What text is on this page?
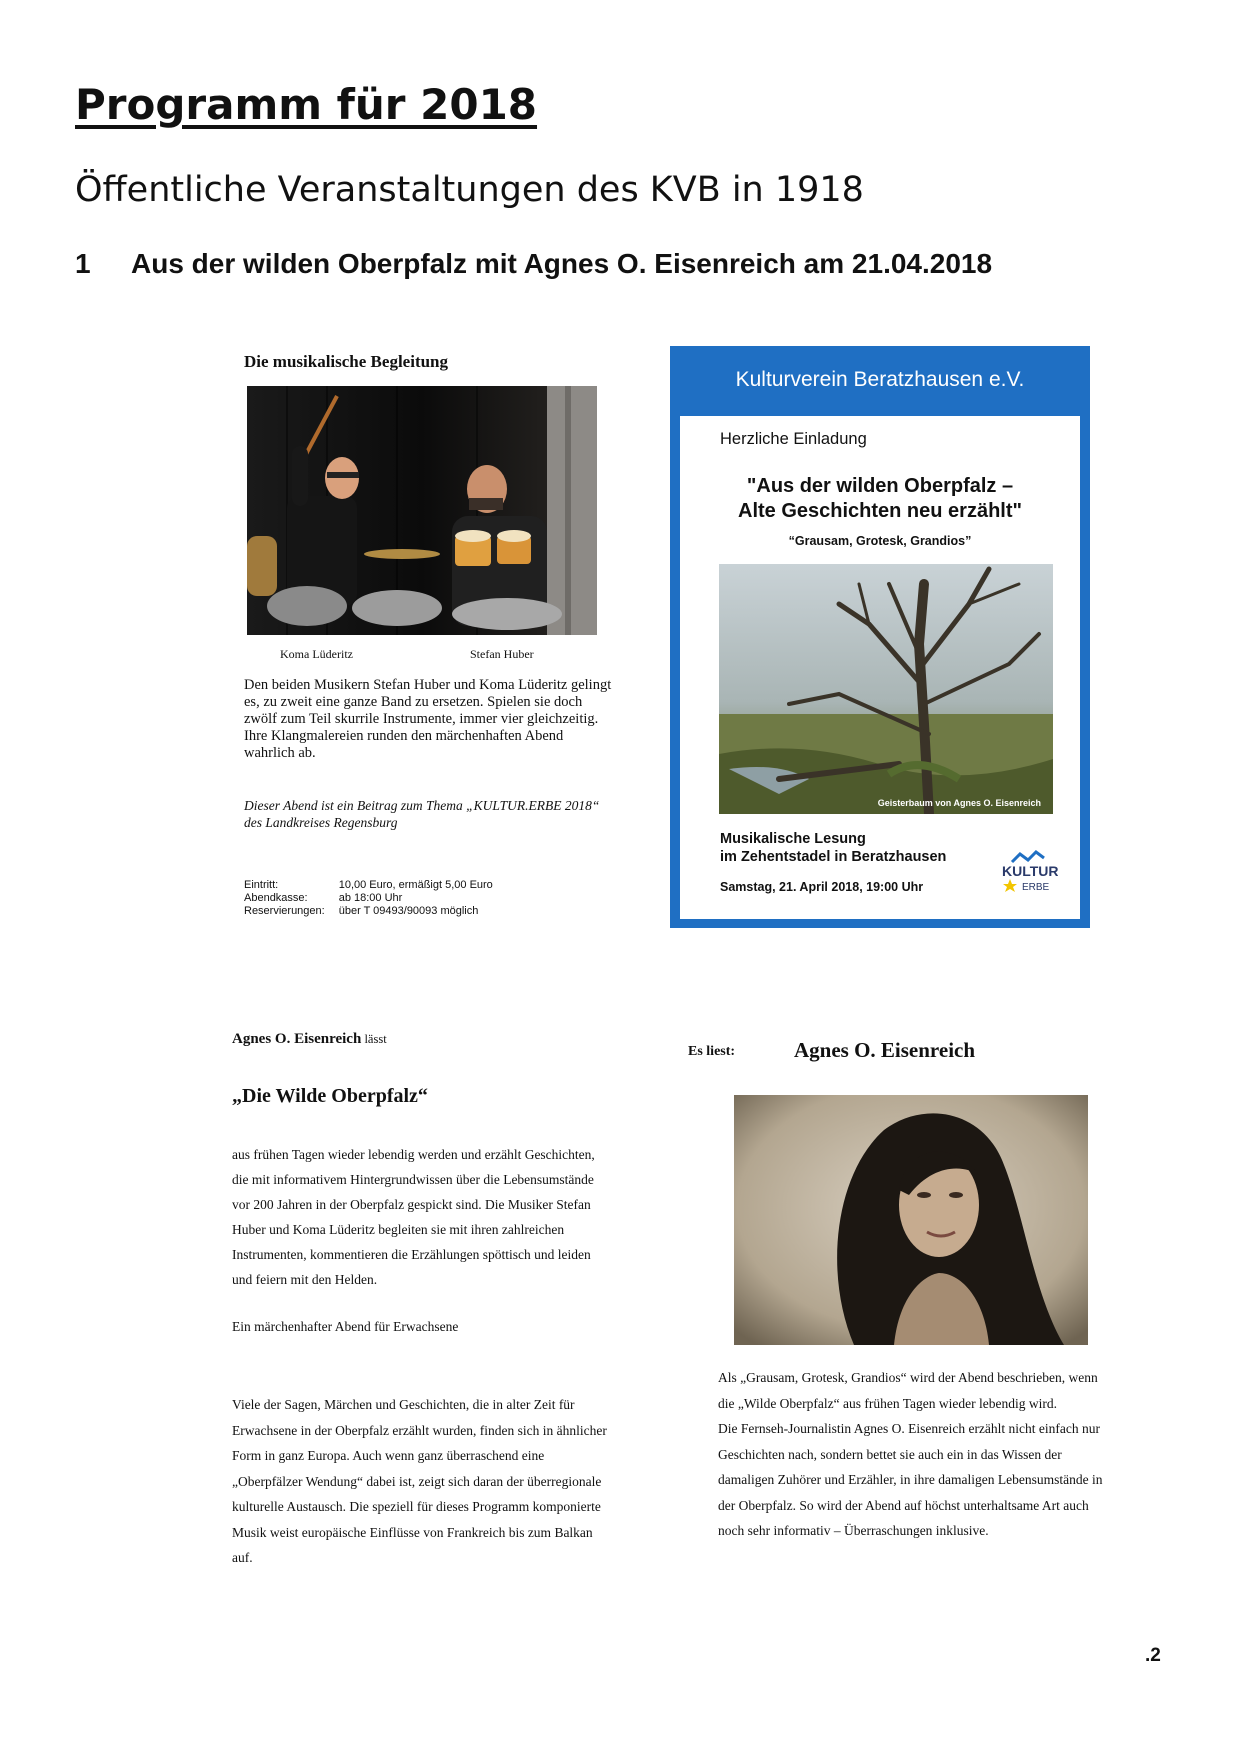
Programm für 2018
Öffentliche Veranstaltungen des KVB in 1918
1 Aus der wilden Oberpfalz mit Agnes O. Eisenreich am 21.04.2018
Die musikalische Begleitung
Koma Lüderitz	Stefan Huber
Den beiden Musikern Stefan Huber und Koma Lüderitz gelingt es, zu zweit eine ganze Band zu ersetzen. Spielen sie doch zwölf zum Teil skurrile Instrumente, immer vier gleichzeitig. Ihre Klangmalereien runden den märchenhaften Abend wahrlich ab.
Dieser Abend ist ein Beitrag zum Thema „KULTUR.ERBE 2018“
des Landkreises Regensburg
Eintritt:	10,00 Euro, ermäßigt 5,00 Euro
Abendkasse:	ab 18:00 Uhr
Reservierungen:	über T 09493/90093 möglich
Kulturverein Beratzhausen e.V.
Herzliche Einladung
"Aus der wilden Oberpfalz –
Alte Geschichten neu erzählt"
“Grausam, Grotesk, Grandios”
Geisterbaum von Agnes O. Eisenreich
Musikalische Lesung
im Zehentstadel in Beratzhausen
Samstag, 21. April 2018, 19:00 Uhr
KULTUR.
ERBE
Agnes O. Eisenreich lässt
„Die Wilde Oberpfalz“
aus frühen Tagen wieder lebendig werden und erzählt Geschichten, die mit informativem Hintergrundwissen über die Lebensumstände vor 200 Jahren in der Oberpfalz gespickt sind. Die Musiker Stefan Huber und Koma Lüderitz begleiten sie mit ihren zahlreichen Instrumenten, kommentieren die Erzählungen spöttisch und leiden und feiern mit den Helden.
Ein märchenhafter Abend für Erwachsene
Viele der Sagen, Märchen und Geschichten, die in alter Zeit für Erwachsene in der Oberpfalz erzählt wurden, finden sich in ähnlicher Form in ganz Europa. Auch wenn ganz überraschend eine „Oberpfälzer Wendung“ dabei ist, zeigt sich daran der überregionale kulturelle Austausch. Die speziell für dieses Programm komponierte Musik weist europäische Einflüsse von Frankreich bis zum Balkan auf.
Es liest:	Agnes O. Eisenreich
Als „Grausam, Grotesk, Grandios“ wird der Abend beschrieben, wenn die „Wilde Oberpfalz“ aus frühen Tagen wieder lebendig wird.
Die Fernseh-Journalistin Agnes O. Eisenreich erzählt nicht einfach nur Geschichten nach, sondern bettet sie auch ein in das Wissen der damaligen Zuhörer und Erzähler, in ihre damaligen Lebensumstände in der Oberpfalz. So wird der Abend auf höchst unterhaltsame Art auch noch sehr informativ – Überraschungen inklusive.
.2
